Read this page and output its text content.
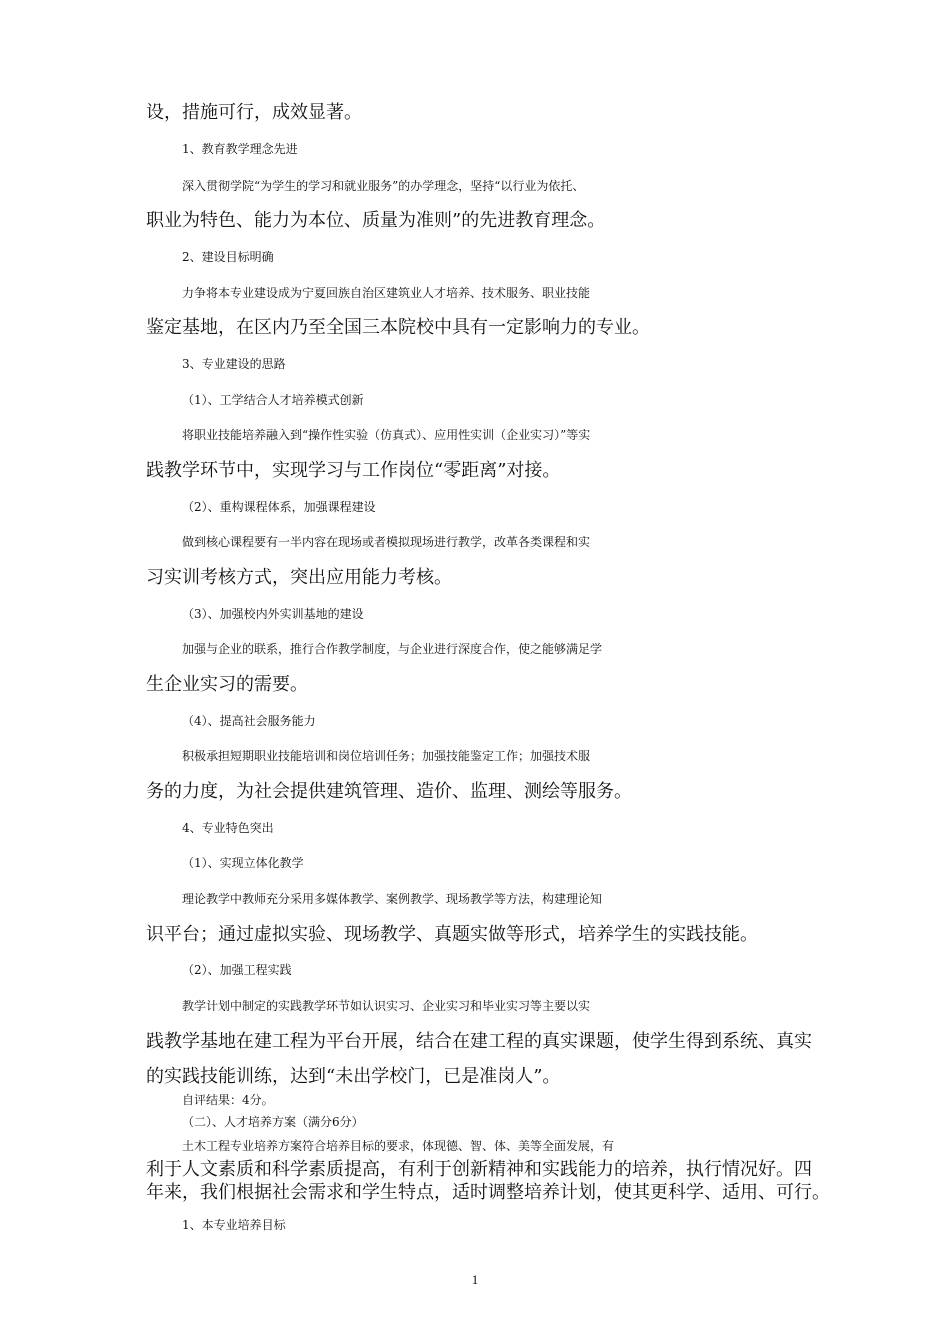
设，措施可行，成效显著。
1、教育教学理念先进
深入贯彻学院“为学生的学习和就业服务”的办学理念，坚持“以行业为依托、
职业为特色、能力为本位、质量为准则”的先进教育理念。
2、建设目标明确
力争将本专业建设成为宁夏回族自治区建筑业人才培养、技术服务、职业技能
鉴定基地，在区内乃至全国三本院校中具有一定影响力的专业。
3、专业建设的思路
（1）、工学结合人才培养模式创新
将职业技能培养融入到“操作性实验（仿真式）、应用性实训（企业实习）”等实
践教学环节中，实现学习与工作岗位“零距离”对接。
（2）、重构课程体系，加强课程建设
做到核心课程要有一半内容在现场或者模拟现场进行教学，改革各类课程和实
习实训考核方式，突出应用能力考核。
（3）、加强校内外实训基地的建设
加强与企业的联系，推行合作教学制度，与企业进行深度合作，使之能够满足学
生企业实习的需要。
（4）、提高社会服务能力
积极承担短期职业技能培训和岗位培训任务；加强技能鉴定工作；加强技术服
务的力度，为社会提供建筑管理、造价、监理、测绘等服务。
4、专业特色突出
（1）、实现立体化教学
理论教学中教师充分采用多媒体教学、案例教学、现场教学等方法，构建理论知
识平台；通过虚拟实验、现场教学、真题实做等形式，培养学生的实践技能。
（2）、加强工程实践
教学计划中制定的实践教学环节如认识实习、企业实习和毕业实习等主要以实
践教学基地在建工程为平台开展，结合在建工程的真实课题，使学生得到系统、真实
的实践技能训练，达到“未出学校门，已是准岗人”。
自评结果：4分。
（二）、人才培养方案（满分6分）
土木工程专业培养方案符合培养目标的要求，体现德、智、体、美等全面发展，有
利于人文素质和科学素质提高，有利于创新精神和实践能力的培养，执行情况好。四
年来，我们根据社会需求和学生特点，适时调整培养计划，使其更科学、适用、可行。
1、本专业培养目标
1
